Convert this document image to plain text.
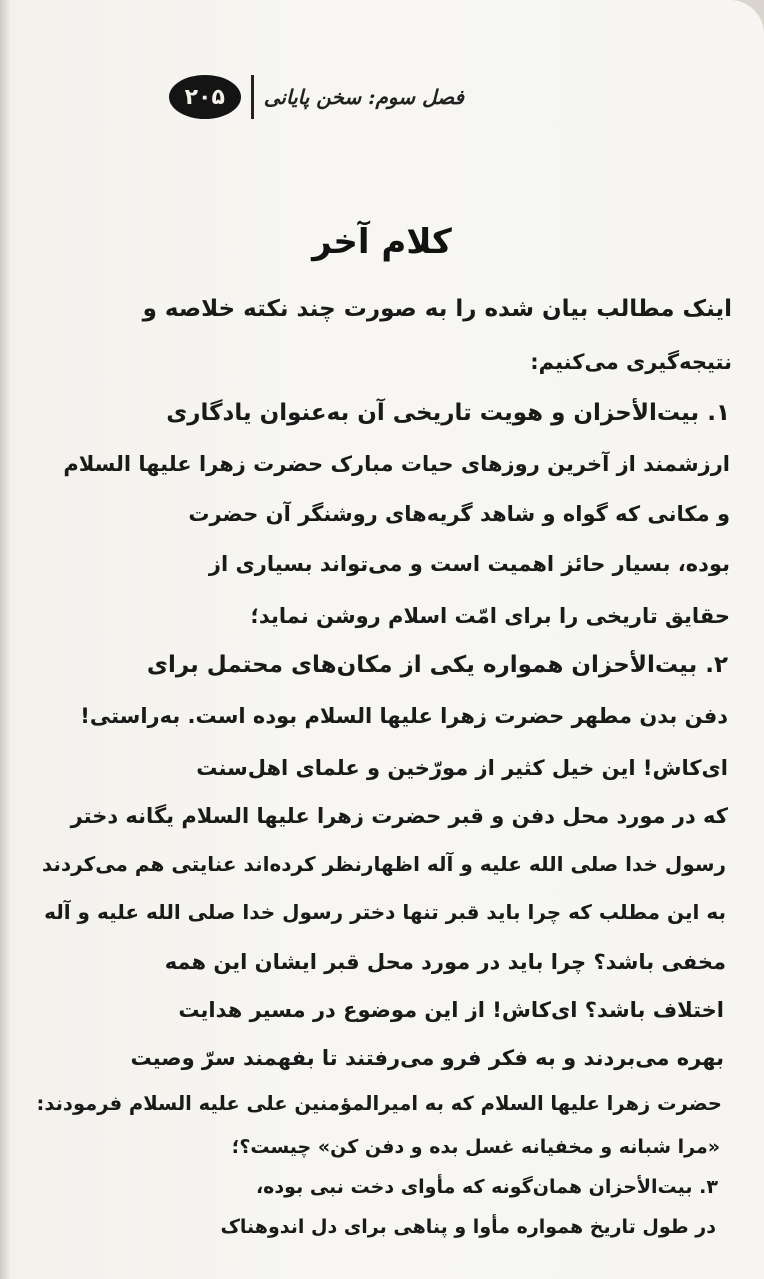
۲۰۵	فصل سوم: سخن پایانی
کلام آخر
اینک مطالب بیان شده را به صورت چند نکته خلاصه و
نتیجه‌گیری می‌کنیم:
۱. بیت‌الأحزان و هویت تاریخی آن به‌عنوان یادگاری
ارزشمند از آخرین روزهای حیات مبارک حضرت زهرا علیها السلام
و مکانی که گواه و شاهد گریه‌های روشنگر آن حضرت
بوده، بسیار حائز اهمیت است و می‌تواند بسیاری از
حقایق تاریخی را برای امّت اسلام روشن نماید؛
۲. بیت‌الأحزان همواره یکی از مکان‌های محتمل برای
دفن بدن مطهر حضرت زهرا علیها السلام بوده است. به‌راستی!
ای‌کاش! این خیل کثیر از مورّخین و علمای اهل‌سنت
که در مورد محل دفن و قبر حضرت زهرا علیها السلام یگانه دختر
رسول خدا صلی الله علیه و آله اظهارنظر کرده‌اند عنایتی هم می‌کردند
به این مطلب که چرا باید قبر تنها دختر رسول خدا صلی الله علیه و آله
مخفی باشد؟ چرا باید در مورد محل قبر ایشان این همه
اختلاف باشد؟ ای‌کاش! از این موضوع در مسیر هدایت
بهره می‌بردند و به فکر فرو می‌رفتند تا بفهمند سرّ وصیت
حضرت زهرا علیها السلام که به امیرالمؤمنین علی علیه السلام فرمودند:
«مرا شبانه و مخفیانه غسل بده و دفن کن» چیست؟؛
۳. بیت‌الأحزان همان‌گونه که مأوای دخت نبی بوده،
در طول تاریخ همواره مأوا و پناهی برای دل اندوهناک
